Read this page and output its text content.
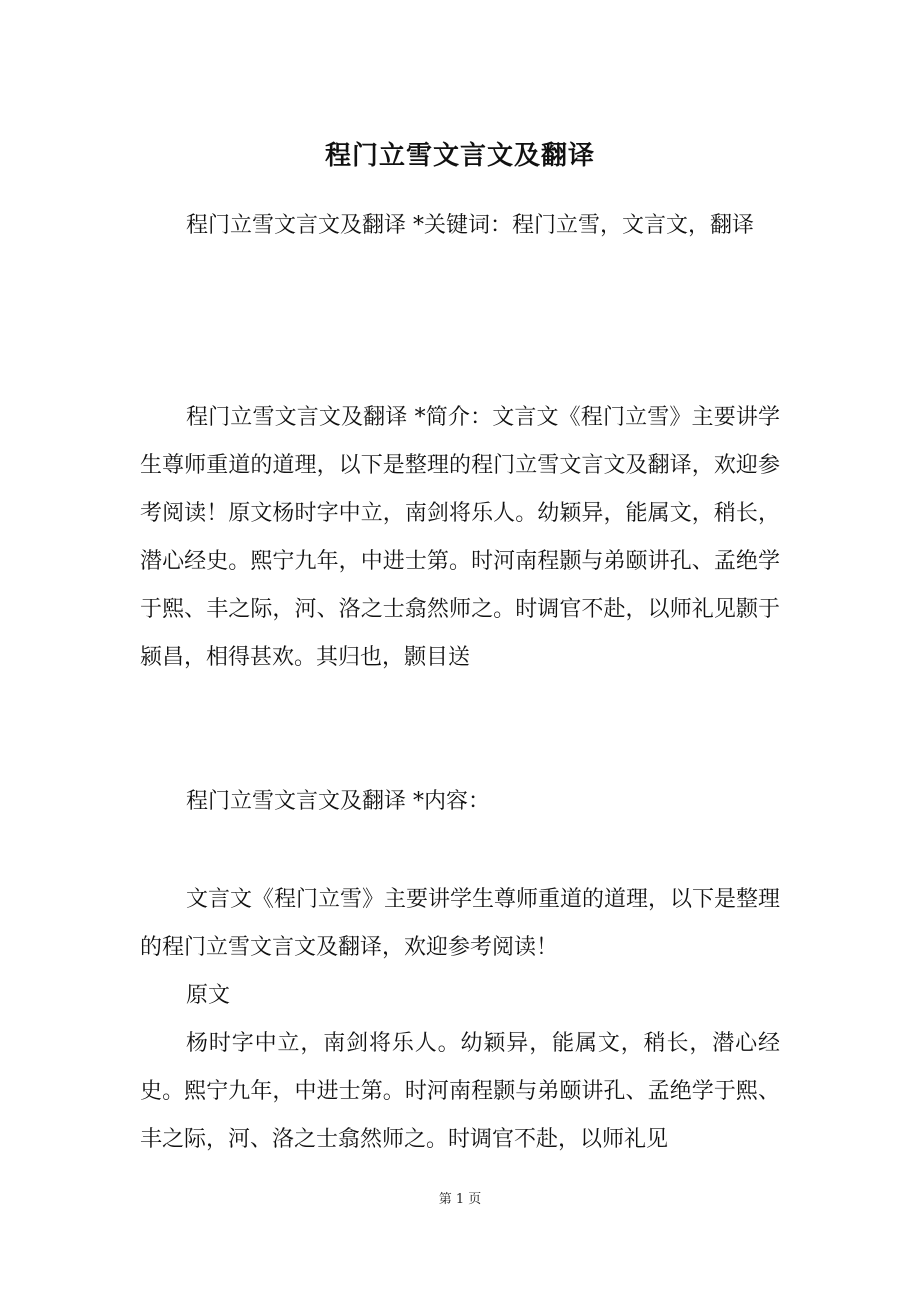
程门立雪文言文及翻译

程门立雪文言文及翻译 *关键词：程门立雪，文言文，翻译

程门立雪文言文及翻译 *简介：文言文《程门立雪》主要讲学生尊师重道的道理，以下是整理的程门立雪文言文及翻译，欢迎参考阅读！原文杨时字中立，南剑将乐人。幼颖异，能属文，稍长，潜心经史。熙宁九年，中进士第。时河南程颢与弟颐讲孔、孟绝学于熙、丰之际，河、洛之士翕然师之。时调官不赴，以师礼见颢于颍昌，相得甚欢。其归也，颢目送

程门立雪文言文及翻译 *内容：

文言文《程门立雪》主要讲学生尊师重道的道理，以下是整理的程门立雪文言文及翻译，欢迎参考阅读！

原文

杨时字中立，南剑将乐人。幼颖异，能属文，稍长，潜心经史。熙宁九年，中进士第。时河南程颢与弟颐讲孔、孟绝学于熙、丰之际，河、洛之士翕然师之。时调官不赴，以师礼见

第 1 页
